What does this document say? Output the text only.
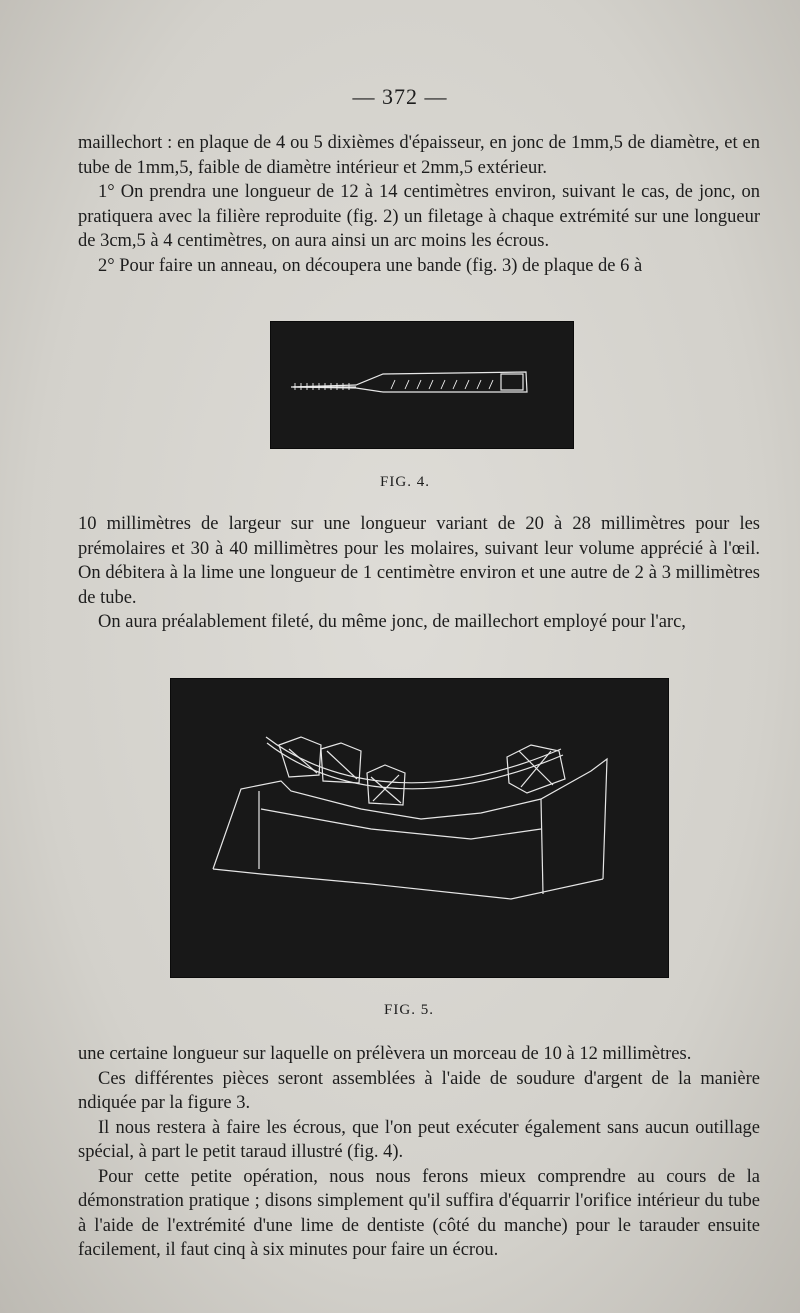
— 372 —

maillechort : en plaque de 4 ou 5 dixièmes d'épaisseur, en jonc de 1mm,5 de diamètre, et en tube de 1mm,5, faible de diamètre intérieur et 2mm,5 extérieur.

1° On prendra une longueur de 12 à 14 centimètres environ, suivant le cas, de jonc, on pratiquera avec la filière reproduite (fig. 2) un filetage à chaque extrémité sur une longueur de 3cm,5 à 4 centimètres, on aura ainsi un arc moins les écrous.

2° Pour faire un anneau, on découpera une bande (fig. 3) de plaque de 6 à

FIG. 4.

10 millimètres de largeur sur une longueur variant de 20 à 28 millimètres pour les prémolaires et 30 à 40 millimètres pour les molaires, suivant leur volume apprécié à l'œil. On débitera à la lime une longueur de 1 centimètre environ et une autre de 2 à 3 millimètres de tube.

On aura préalablement fileté, du même jonc, de maillechort employé pour l'arc,

FIG. 5.

une certaine longueur sur laquelle on prélèvera un morceau de 10 à 12 millimètres.

Ces différentes pièces seront assemblées à l'aide de soudure d'argent de la manière ndiquée par la figure 3.

Il nous restera à faire les écrous, que l'on peut exécuter également sans aucun outillage spécial, à part le petit taraud illustré (fig. 4).

Pour cette petite opération, nous nous ferons mieux comprendre au cours de la démonstration pratique ; disons simplement qu'il suffira d'équarrir l'orifice intérieur du tube à l'aide de l'extrémité d'une lime de dentiste (côté du manche) pour le tarauder ensuite facilement, il faut cinq à six minutes pour faire un écrou.
